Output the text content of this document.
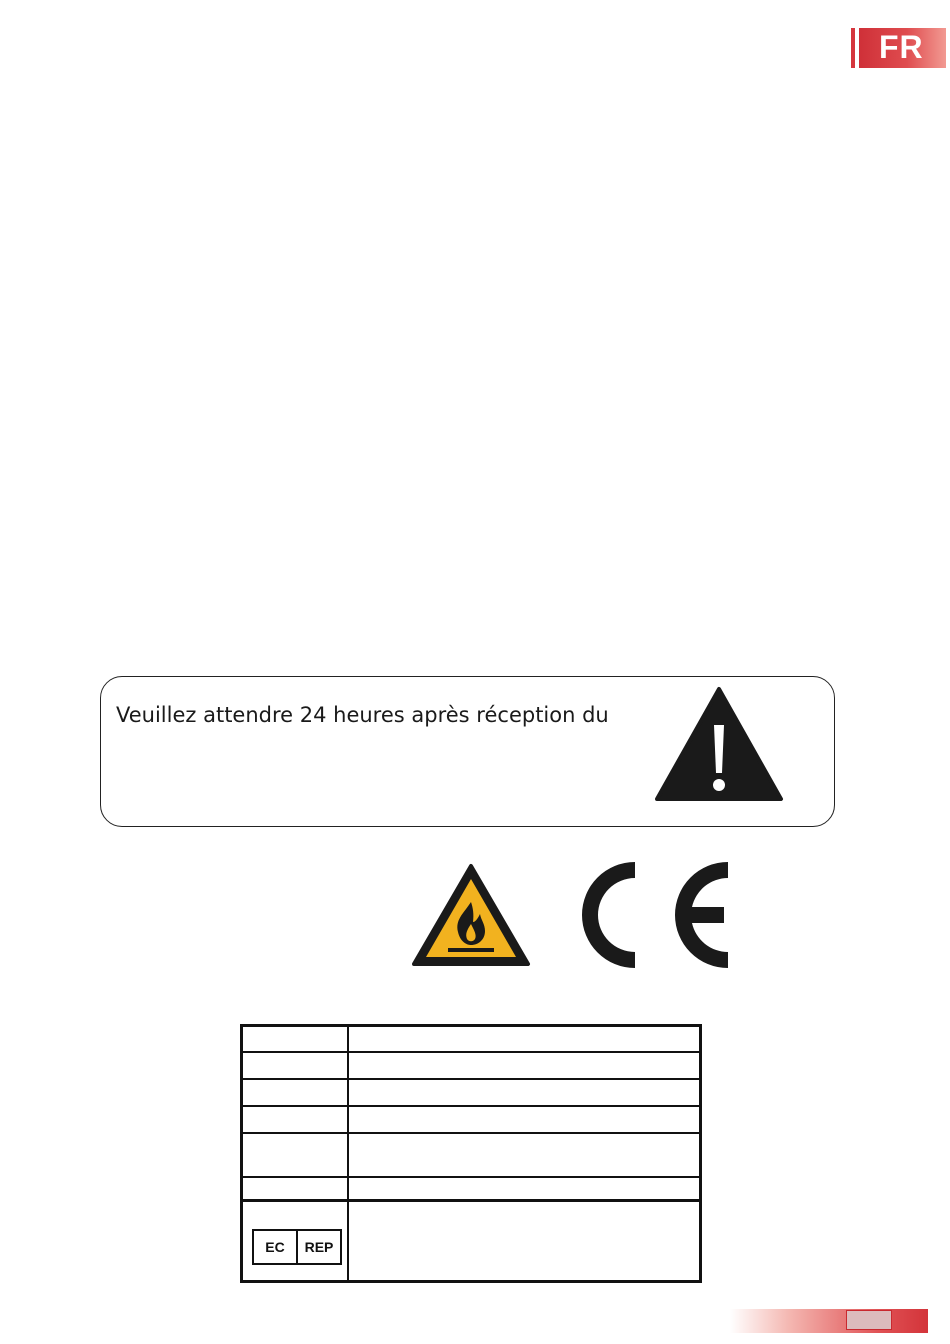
FR
Veuillez attendre 24 heures après réception du
EC	REP
